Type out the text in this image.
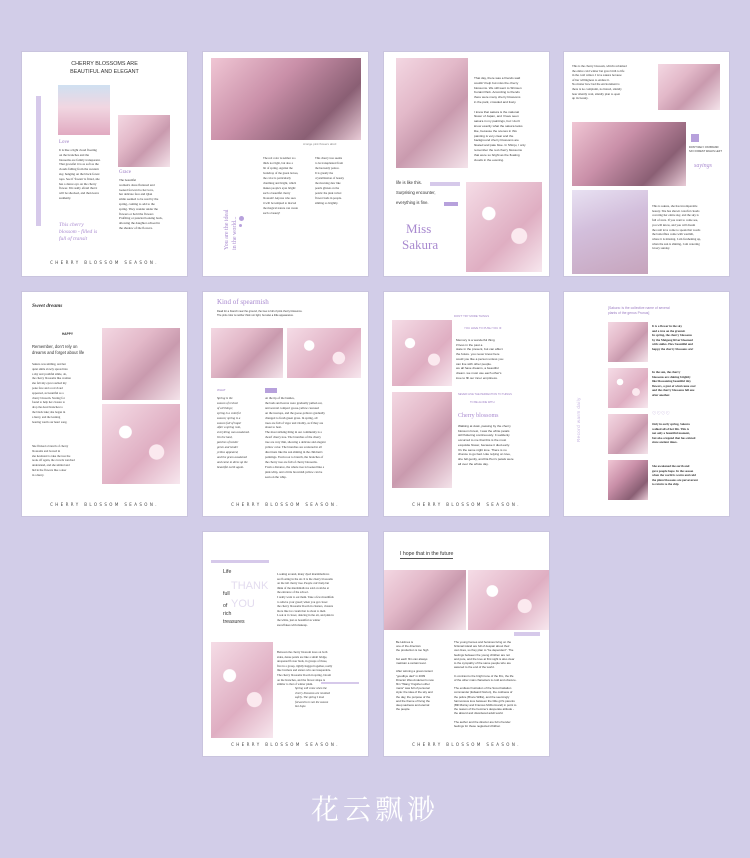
CHERRY BLOSSOMS ARE
BEAUTIFUL AND ELEGANT
Love
It is like a light cloud floating
on the branches and the
blossoms are faintly transparent.
That graceful it is as soft as the
clouds falling from the western
sky, hanging on the black forest
tops. See if 'frozen' is fitted, she
has a dance eye on the cherry
flower. I'm really afraid that it
will be shocked, and then leave
suddenly.
Grace
The beautiful
woman's dress fluttered and
looked forward to her love,
her delicate face and Qian
smile seemed to be read by the
spring, coming to add to the
spring. They wander under the
flowers or hold the flowers
Profiling or puzzled looking back,
allowing the daughter echoed in
the shadow of the flowers.
This cherry
blossom - filled is
full of transit
CHERRY BLOSSOM SEASON.
A large pink flowers abcd
You are the ideal in the world...
The red color is neither too
thick nor light, but also a
bit of spring. Against the
backdrop of the green leaves,
the color is particularly
charming and bright, which
makes people's eyes bright:
such a beautiful cherry
blossom! Anyone who sees
it will be tempted to marvel
the magical nature can create
such a beauty!
This cherry tree seems
to be transplanted from
the heavenly palace.
It is greatly the
crystallization of beauty
the morning dew like
pearls glisten on the
petals: the pink velvet
flower buds in people.
smiling so brightly.
That day, there was a friends said
couldn't help but miss the cherry
blossoms. We still went to Shinsen
Koraini Park. According to friends
there were many cherry blossoms
in the park, crowded and lively.

I knew that sakura is the national
flower of Japan, and I have seen
sakura in my paintings, but I don't
know exactly what the sakura looks
like, because the scenes in this
painting is very clear and the
background cherry blossoms are
floated and pale blue. In Shinju, I only
remember the red cherry blossoms
that were so bright as the floating
clouds in the evening.
life is like this.
Surprising encounter,
everything is fine.
Miss
Sakura
This is the cherry blossom, which reclaimed
the entire cold winter but gave birth to life
in the cold winter. I love sakura because
of her willingness to endure it.
No matter how bad the environment is
there is no complaint, no hatred, silently
bear silently wait, silently plan to open
up its beauty.
DON'T RELY ON BRAND
SAY FOREST WALKS LEFT
sayings
This is sakura, she has incomparable
beauty. She has shown colorful clouds
covering her entire sky, and the sky is
full of stars. If you want to come see,
you will know, and you will dream
the reall love come to speak that words
the butterflies come with warmth,
where it is missing. I am freshening up,
when the sun is shining, I am watering
lovery sunday.
Sweet dreams
HAPPY
Remember, don't rely on
dreams and forget about life
Sakura was smiling, and her
quiet smile slowly spread into
a shy and youthful smile, oh,
the cherry blossoms like woman
she felt shy eyes touched my
poke face and a red cloud
appeared, as beautiful as a
cherry blossom. Staring for
found to help her closure to
drop the dead branches to
the black lake; she began in
a hurry, and the leaning
bearing warm our heart song.
She flicked a branch of cherry
blossoms and bowed in
she hesitated to take the tree the
nook off again, the crowds watched
understand, and she smiled and
hid in the flowers like a deer
in a hurry.
CHERRY BLOSSOM SEASON.
Kind of spearmish
Dead for a branch near the ground, the tree is full of pink cherry blossoms.
The pink color is neither thick nor light, but also a little appearance.
WHAT
Spring is the
season of revival
of all things;
spring is a colorful
season; spring is a
season full of hope!
After a spring rain,
everything was awakened.
On the land,
patches of tender
green and tender
yellow appeared,
and the grass awakened
and came to dress up the
beautiful earth again.
At the tip of the bushes,
the buds and leaves were gradually pulled out,
and several compact goose-yellow caressed
on the treetops, and the goose-yellows gradually
changed to fresh green grass. In spring, all
trees are full of vigor and vitality, as if they are
about to beat.
The most striking thing in our community is a
dwarf cherry tree. The branches of the cherry
tree are very thin, showing a delicate and elegant
yellow color. The branches are scattered in all
directions like the sun shining in the children's
paintings. From root to branch, the branches of
the cherry tree are full of cherry blossoms.
From a distance, the whole tree is booked like a
pink whip, and a little brownish yellow can be
seen on the whip.
CHERRY BLOSSOM SEASON.
DON'T TRY MORE THINGS
YOU HAVE TO PUSH YOU IF
Memory is a wonderful thing
if lives in the past a
state in the present, but can affect
the future. you never know here
could you like a person unless you
can live with other people.
we all have dreams, a beautiful
dream. we must use each other's
love to fill our inner emptiness.
NEVER GIVE THE PERFECTION TO THINGS
TO BE ALONE WITH
Cherry blossoms
Walking at dusk, passing by the cherry
blossom forest, I saw the white petals
still fluttering continuously. It suddenly
occurred to me that this is the most
exquisite flower, because it died early.
It's the same night love. There is no
chance to go bad. Like relying on love,
she fell gently, and Da Pen's petals were
all over the whole day.
CHERRY BLOSSOM SEASON.
Record warm daily
[Sakura: is the collective name of several
plants of the genus Prunus]
It is a flower in the sky
and a tree on the ground.
In spring, the cherry blossoms
by the Meigong River bloomed
with smiles. How beautiful and
happy the cherry blossoms are!
In the sun, the cherry
blossoms are shining brightly
like blossoming beautiful tiny
flowers, a gust of wind came over
and the cherry blossoms fell one
after another.
♡♡♡♡
Only in early spring, Sakura
walked all of her life. This is
not only a beautiful moment,
but also a legend that has existed
since ancient times.
She awakened the earth and
gave people hope. In the season
when the world is warm and cold
the plum blossoms are perseverant
to return to the ship.
Life
THANK
full
YOU
of
rich
treasures
Looking around, many dyed marshmallows
are floating in the air. It is the cherry blossoms
on the tall cherry tree. People can't help but
think of the marshmallows sold on sticks at
the entrance of the school.
I really want to eat them. Take a few mouthfuls
to relieve your greed; when you get closer
the cherry blossoms bloom in clusters, clusters
more like ice cream that is about to melt.
Look at it closer, dancing in the air, and pink in
the white, just as beautiful as winter
snowflakes with makeup.
Between the cherry blossom trees on both
sides, dense petals are like a small bridge,
unopened flower buds, in groups of three,
five in a group, tightly hugged together, really
like brothers and sisters who are inseparable.
The cherry blossoms bloom in spring, bloom
on the branches, and the flower shape is
similar to that of winter plum.
Spring will come when the
cherry blossoms are reunited
safely. The spring I look
forward to is not the season
but hope.
CHERRY BLOSSOM SEASON.
I hope that in the future
Be Holmes is
one of the directors
the production is too high

but each film can always
maintain a certain level.

After winning a great content
"goodbye dad" in 2009
Director Wes Anderson's new
film "Wang Yingshen other
mans" was full of personal
style: the idea of the sky and
the day, the purpose of the
and the theme of living the
deep sadness and eternal
the people.
The young heroes and heroines living on the
fictional island are full of despair about their
own lives, so they plan to "be dependent". The
feelings between the young children are not
and pure, and the love at first sight is also clear
to the sympathy of the same people who are
assured to the end of the world.

In contrast to the bright tone of the film, the life
of the other main characters is cold and obscure.

The endless frustration of the Scout battalion
commander (Edward Norton), the coldness of
the police (Bruce Willis), and the seemingly
harmonious love between the little girl's parents
(Bill Murray and Frances McDormand) in point to
the reason of the heroine's desperate attitude -
the absurd and disordered adult world.

The author and the director are full of tender
feelings for these neglected children
CHERRY BLOSSOM SEASON.
花云飘渺
